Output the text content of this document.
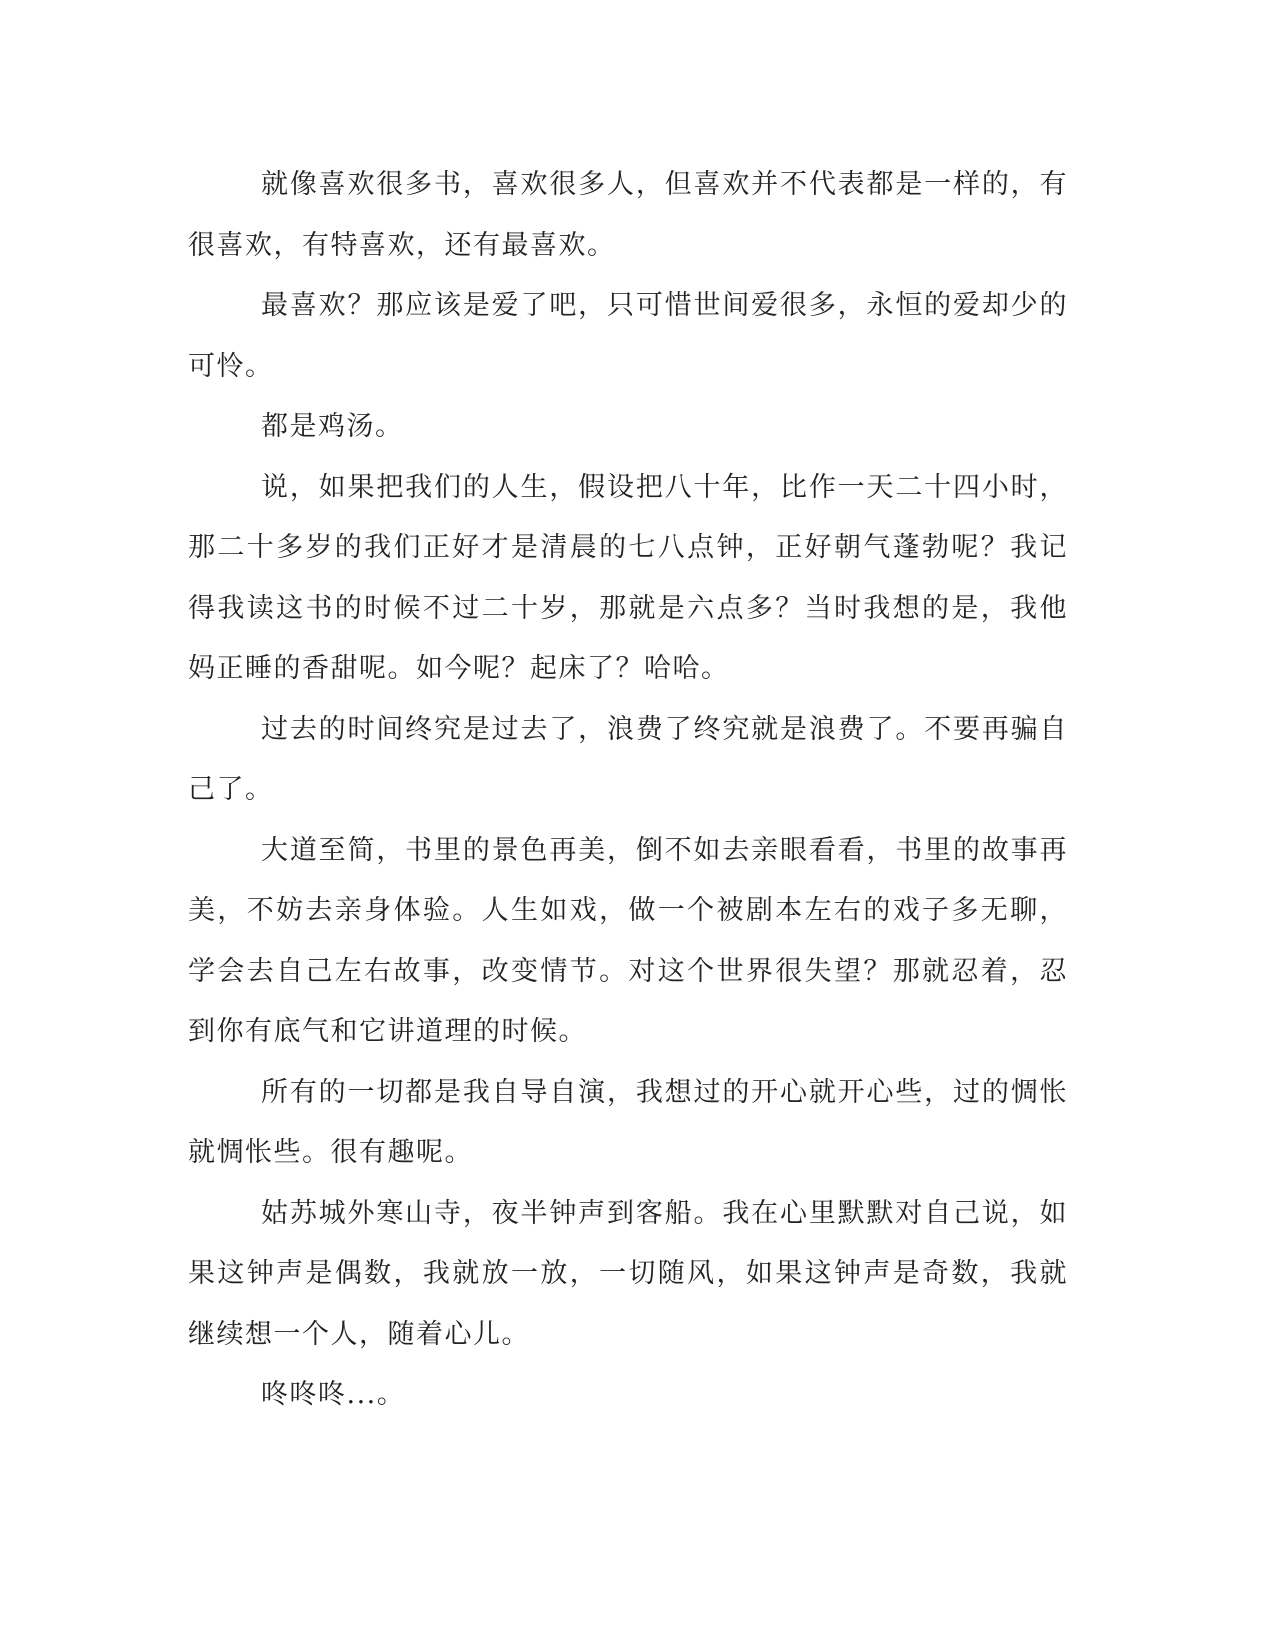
就像喜欢很多书，喜欢很多人，但喜欢并不代表都是一样的，有
很喜欢，有特喜欢，还有最喜欢。
最喜欢？那应该是爱了吧，只可惜世间爱很多，永恒的爱却少的
可怜。
都是鸡汤。
说，如果把我们的人生，假设把八十年，比作一天二十四小时，
那二十多岁的我们正好才是清晨的七八点钟，正好朝气蓬勃呢？我记
得我读这书的时候不过二十岁，那就是六点多？当时我想的是，我他
妈正睡的香甜呢。如今呢？起床了？哈哈。
过去的时间终究是过去了，浪费了终究就是浪费了。不要再骗自
己了。
大道至简，书里的景色再美，倒不如去亲眼看看，书里的故事再
美，不妨去亲身体验。人生如戏，做一个被剧本左右的戏子多无聊，
学会去自己左右故事，改变情节。对这个世界很失望？那就忍着，忍
到你有底气和它讲道理的时候。
所有的一切都是我自导自演，我想过的开心就开心些，过的惆怅
就惆怅些。很有趣呢。
姑苏城外寒山寺，夜半钟声到客船。我在心里默默对自己说，如
果这钟声是偶数，我就放一放，一切随风，如果这钟声是奇数，我就
继续想一个人，随着心儿。
咚咚咚...。
